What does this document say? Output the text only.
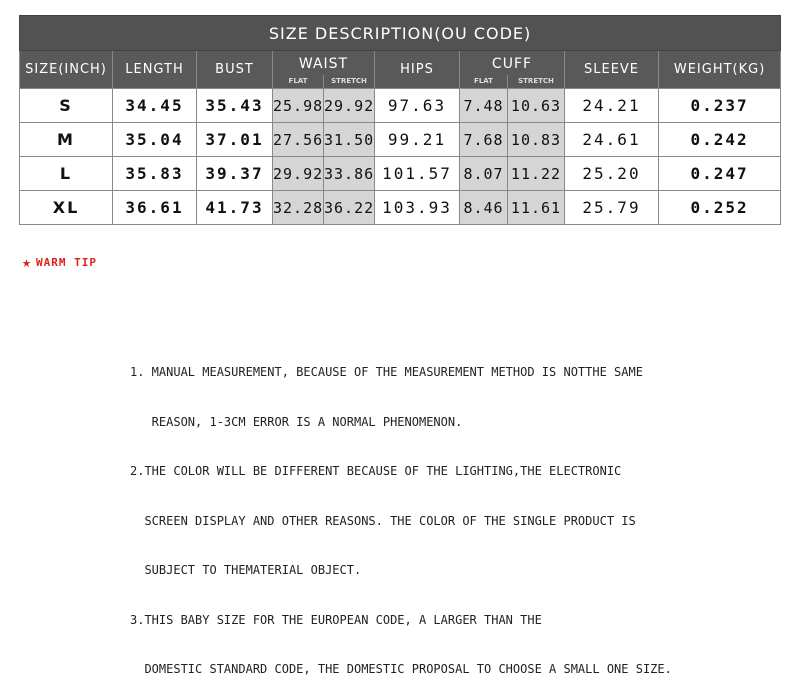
SIZE DESCRIPTION(OU CODE)									
SIZE(INCH)	LENGTH	BUST	WAIST		HIPS	CUFF		SLEEVE	WEIGHT(KG)
			FLAT	STRETCH		FLAT	STRETCH		
S	34.45	35.43	25.98	29.92	97.63	7.48	10.63	24.21	0.237
M	35.04	37.01	27.56	31.50	99.21	7.68	10.83	24.61	0.242
L	35.83	39.37	29.92	33.86	101.57	8.07	11.22	25.20	0.247
XL	36.61	41.73	32.28	36.22	103.93	8.46	11.61	25.79	0.252
★ WARM TIP

1. MANUAL MEASUREMENT, BECAUSE OF THE MEASUREMENT METHOD IS NOTTHE SAME

REASON, 1-3CM ERROR IS A NORMAL PHENOMENON.

2.THE COLOR WILL BE DIFFERENT BECAUSE OF THE LIGHTING,THE ELECTRONIC

SCREEN DISPLAY AND OTHER REASONS. THE COLOR OF THE SINGLE PRODUCT IS

SUBJECT TO THEMATERIAL OBJECT.

3.THIS BABY SIZE FOR THE EUROPEAN CODE, A LARGER THAN THE

DOMESTIC STANDARD CODE, THE DOMESTIC PROPOSAL TO CHOOSE A SMALL ONE SIZE.
